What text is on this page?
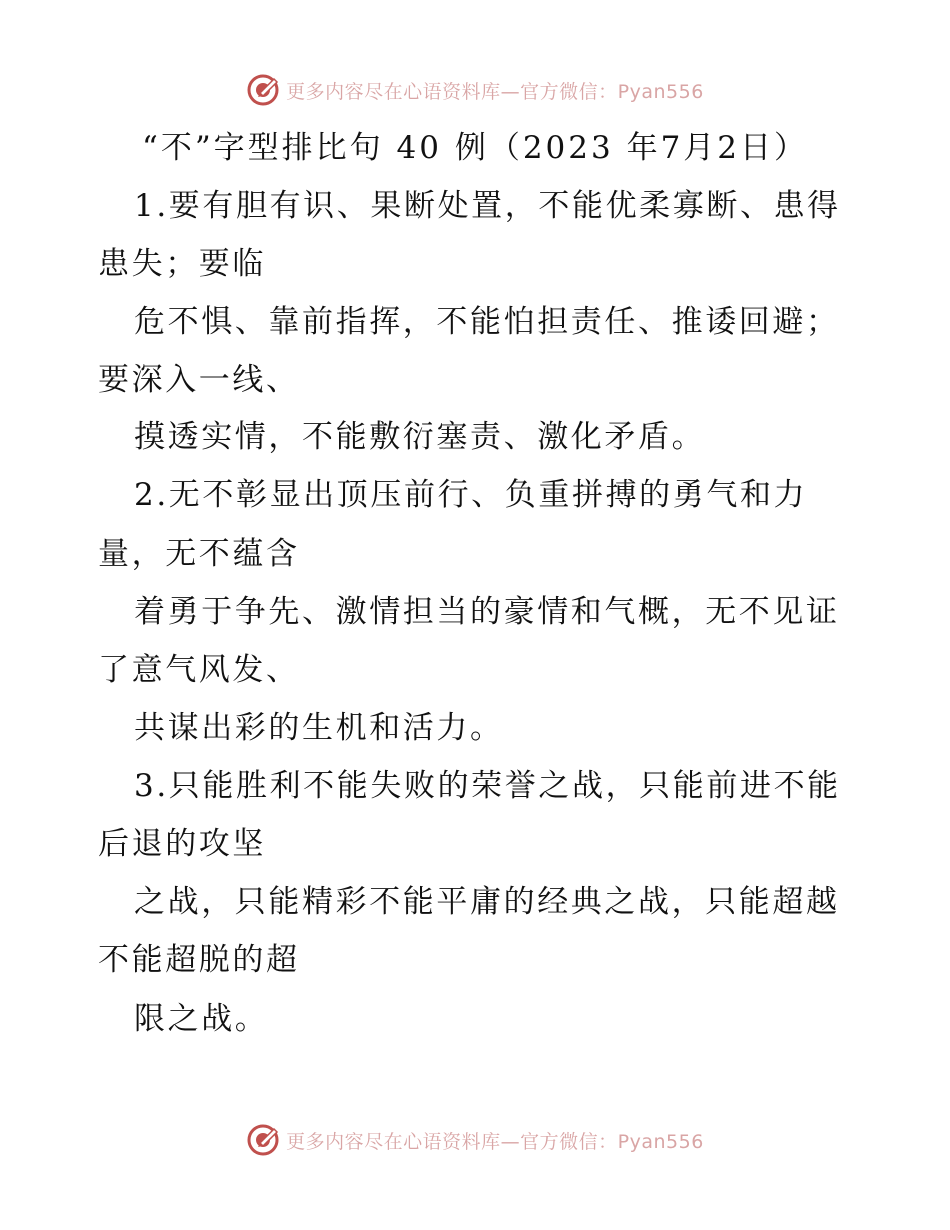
更多内容尽在心语资料库—官方微信：Pyan556
“不”字型排比句 40 例（2023 年7月2日）
1.要有胆有识、果断处置，不能优柔寡断、患得
患失；要临
危不惧、靠前指挥，不能怕担责任、推诿回避；
要深入一线、
摸透实情，不能敷衍塞责、激化矛盾。
2.无不彰显出顶压前行、负重拼搏的勇气和力
量，无不蕴含
着勇于争先、激情担当的豪情和气概，无不见证
了意气风发、
共谋出彩的生机和活力。
3.只能胜利不能失败的荣誉之战，只能前进不能
后退的攻坚
之战，只能精彩不能平庸的经典之战，只能超越
不能超脱的超
限之战。
更多内容尽在心语资料库—官方微信：Pyan556
